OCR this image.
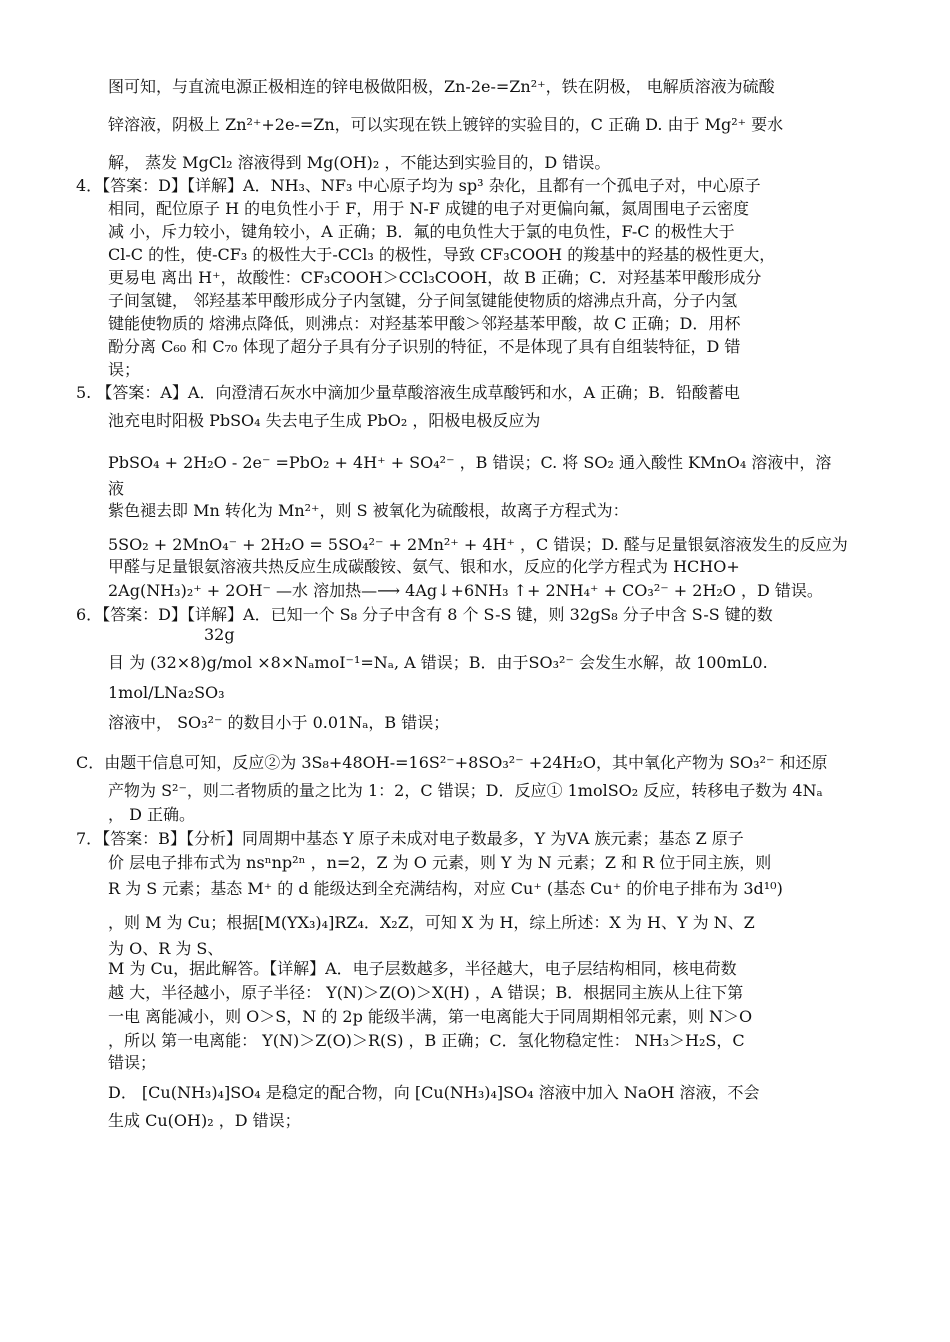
图可知，与直流电源正极相连的锌电极做阳极，Zn-2e-=Zn²⁺，铁在阴极， 电解质溶液为硫酸
锌溶液，阴极上 Zn²⁺+2e-=Zn，可以实现在铁上镀锌的实验目的，C 正确 D. 由于 Mg²⁺ 要水
解， 蒸发 MgCl₂ 溶液得到 Mg(OH)₂ ，不能达到实验目的，D 错误。
4．【答案：D】【详解】A．NH₃、NF₃ 中心原子均为 sp³ 杂化，且都有一个孤电子对，中心原子
相同，配位原子 H 的电负性小于 F，用于 N-F 成键的电子对更偏向氟，氮周围电子云密度
减 小，斥力较小，键角较小，A 正确；B．氟的电负性大于氯的电负性，F-C 的极性大于
Cl-C 的性，使-CF₃ 的极性大于-CCl₃ 的极性，导致 CF₃COOH 的羧基中的羟基的极性更大，
更易电 离出 H⁺，故酸性：CF₃COOH＞CCl₃COOH，故 B 正确；C．对羟基苯甲酸形成分
子间氢键， 邻羟基苯甲酸形成分子内氢键，分子间氢键能使物质的熔沸点升高，分子内氢
键能使物质的 熔沸点降低，则沸点：对羟基苯甲酸＞邻羟基苯甲酸，故 C 正确；D．用杯
酚分离 C₆₀ 和 C₇₀ 体现了超分子具有分子识别的特征，不是体现了具有自组装特征，D 错
误；
5. 【答案：A】A．向澄清石灰水中滴加少量草酸溶液生成草酸钙和水，A 正确；B．铅酸蓄电
池充电时阳极 PbSO₄ 失去电子生成 PbO₂ ，阳极电极反应为
PbSO₄ + 2H₂O - 2e⁻ =PbO₂ + 4H⁺ + SO₄²⁻ ，B 错误；C. 将 SO₂ 通入酸性 KMnO₄ 溶液中，溶
液
紫色褪去即 Mn 转化为 Mn²⁺，则 S 被氧化为硫酸根，故离子方程式为：
5SO₂ + 2MnO₄⁻ + 2H₂O = 5SO₄²⁻ + 2Mn²⁺ + 4H⁺ ，C 错误；D. 醛与足量银氨溶液发生的反应为
甲醛与足量银氨溶液共热反应生成碳酸铵、氨气、银和水，反应的化学方程式为 HCHO+
2Ag(NH₃)₂⁺ + 2OH⁻ —水 溶加热—⟶ 4Ag↓+6NH₃ ↑+ 2NH₄⁺ + CO₃²⁻ + 2H₂O ，D 错误。
6．【答案：D】【详解】A．已知一个 S₈ 分子中含有 8 个 S-S 键，则 32gS₈ 分子中含 S-S 键的数
32g
目 为 (32×8)g/mol ×8×NₐmoI⁻¹=Nₐ, A 错误；B．由于SO₃²⁻ 会发生水解，故 100mL0.
1mol/LNa₂SO₃
溶液中， SO₃²⁻ 的数目小于 0.01Nₐ，B 错误；
C．由题干信息可知，反应②为 3S₈+48OH-=16S²⁻+8SO₃²⁻ +24H₂O，其中氧化产物为 SO₃²⁻ 和还原
产物为 S²⁻，则二者物质的量之比为 1：2，C 错误；D．反应① 1molSO₂ 反应，转移电子数为 4Nₐ
， D 正确。
7．【答案：B】【分析】同周期中基态 Y 原子未成对电子数最多，Y 为ⅤA 族元素；基态 Z 原子
价 层电子排布式为 nsⁿnp²ⁿ ，n=2，Z 为 O 元素，则 Y 为 N 元素；Z 和 R 位于同主族，则
R 为 S 元素；基态 M⁺ 的 d 能级达到全充满结构，对应 Cu⁺ (基态 Cu⁺ 的价电子排布为 3d¹⁰)
，则 M 为 Cu；根据[M(YX₃)₄]RZ₄．X₂Z，可知 X 为 H，综上所述：X 为 H、Y 为 N、Z
为 O、R 为 S、
M 为 Cu，据此解答。【详解】A．电子层数越多，半径越大，电子层结构相同，核电荷数
越 大，半径越小，原子半径： Y(N)＞Z(O)＞X(H) ，A 错误；B．根据同主族从上往下第
一电 离能减小，则 O＞S，N 的 2p 能级半满，第一电离能大于同周期相邻元素，则 N＞O
，所以 第一电离能： Y(N)＞Z(O)＞R(S) ，B 正确；C．氢化物稳定性： NH₃＞H₂S，C
错误；
D． [Cu(NH₃)₄]SO₄ 是稳定的配合物，向 [Cu(NH₃)₄]SO₄ 溶液中加入 NaOH 溶液，不会
生成 Cu(OH)₂ ，D 错误；
